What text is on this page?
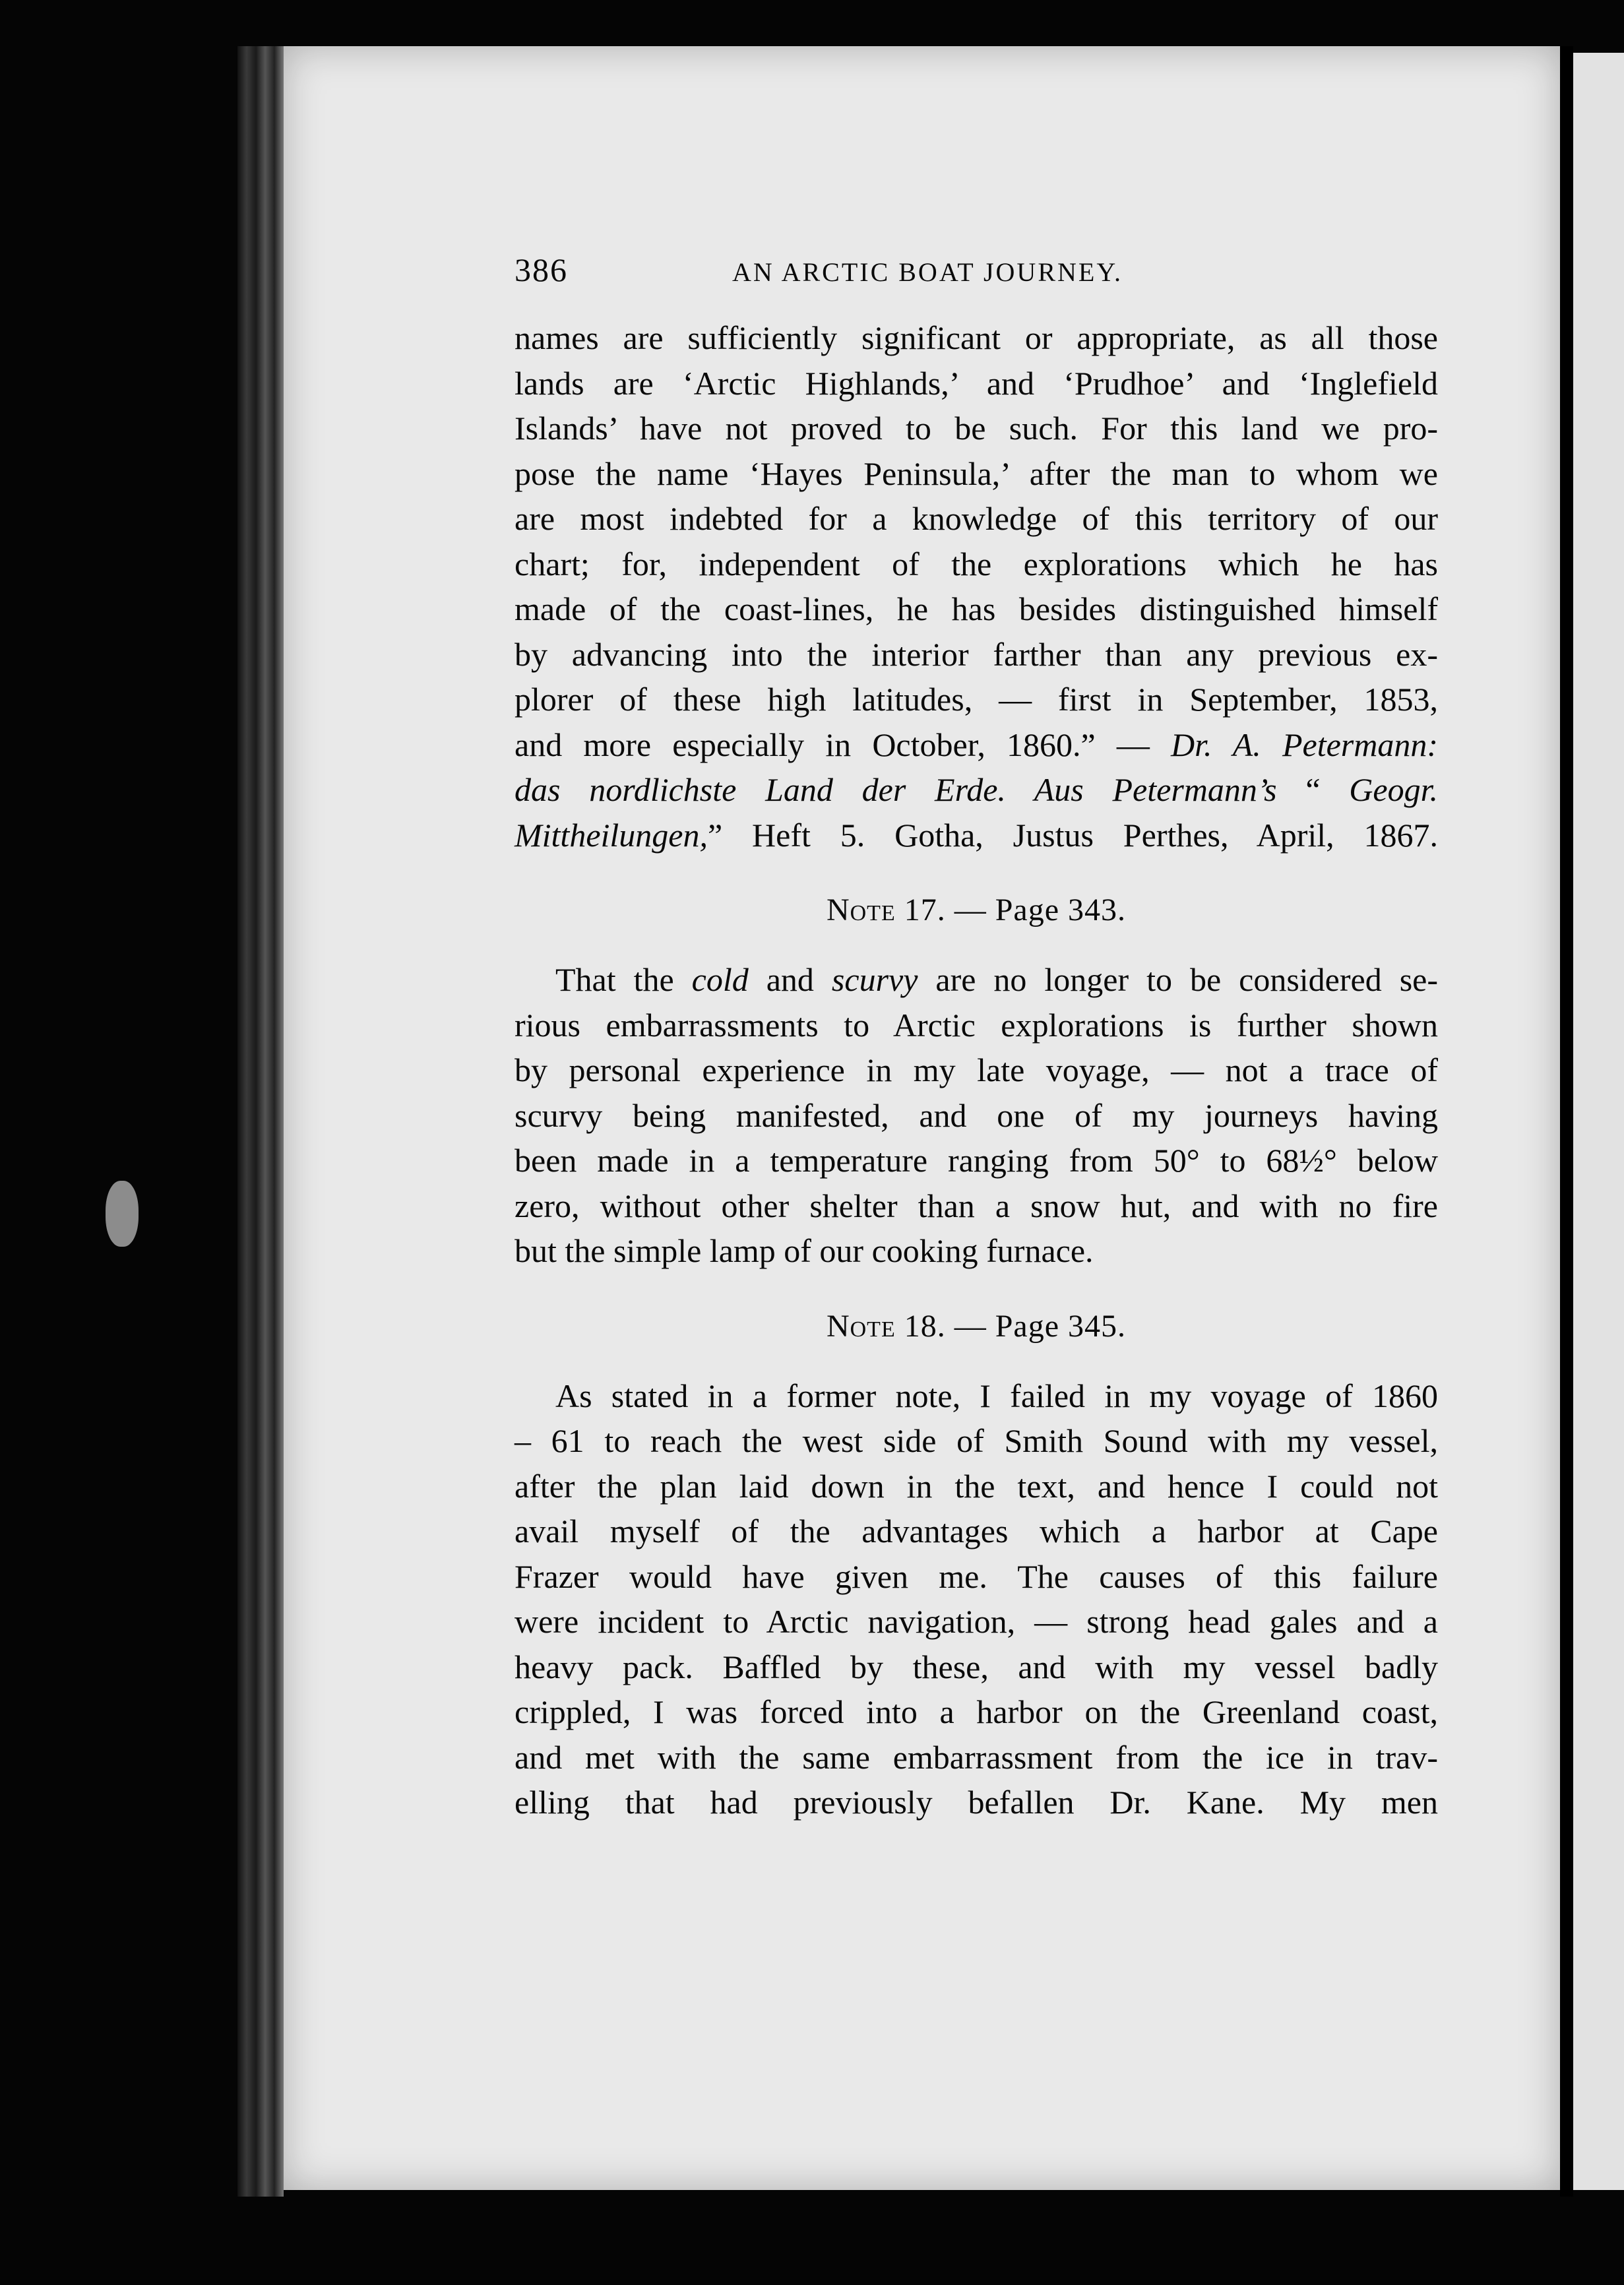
386	AN ARCTIC BOAT JOURNEY.
names are sufficiently significant or appropriate, as all those
lands are ‘Arctic Highlands,’ and ‘Prudhoe’ and ‘Inglefield
Islands’ have not proved to be such. For this land we pro-
pose the name ‘Hayes Peninsula,’ after the man to whom we
are most indebted for a knowledge of this territory of our
chart; for, independent of the explorations which he has
made of the coast-lines, he has besides distinguished himself
by advancing into the interior farther than any previous ex-
plorer of these high latitudes, — first in September, 1853,
and more especially in October, 1860.” — Dr. A. Petermann:
das nordlichste Land der Erde. Aus Petermann’s “ Geogr.
Mittheilungen,” Heft 5. Gotha, Justus Perthes, April, 1867.
Note 17. — Page 343.
That the cold and scurvy are no longer to be considered se-
rious embarrassments to Arctic explorations is further shown
by personal experience in my late voyage, — not a trace of
scurvy being manifested, and one of my journeys having
been made in a temperature ranging from 50° to 68½° below
zero, without other shelter than a snow hut, and with no fire
but the simple lamp of our cooking furnace.
Note 18. — Page 345.
As stated in a former note, I failed in my voyage of 1860
– 61 to reach the west side of Smith Sound with my vessel,
after the plan laid down in the text, and hence I could not
avail myself of the advantages which a harbor at Cape
Frazer would have given me. The causes of this failure
were incident to Arctic navigation, — strong head gales and a
heavy pack. Baffled by these, and with my vessel badly
crippled, I was forced into a harbor on the Greenland coast,
and met with the same embarrassment from the ice in trav-
elling that had previously befallen Dr. Kane. My men
